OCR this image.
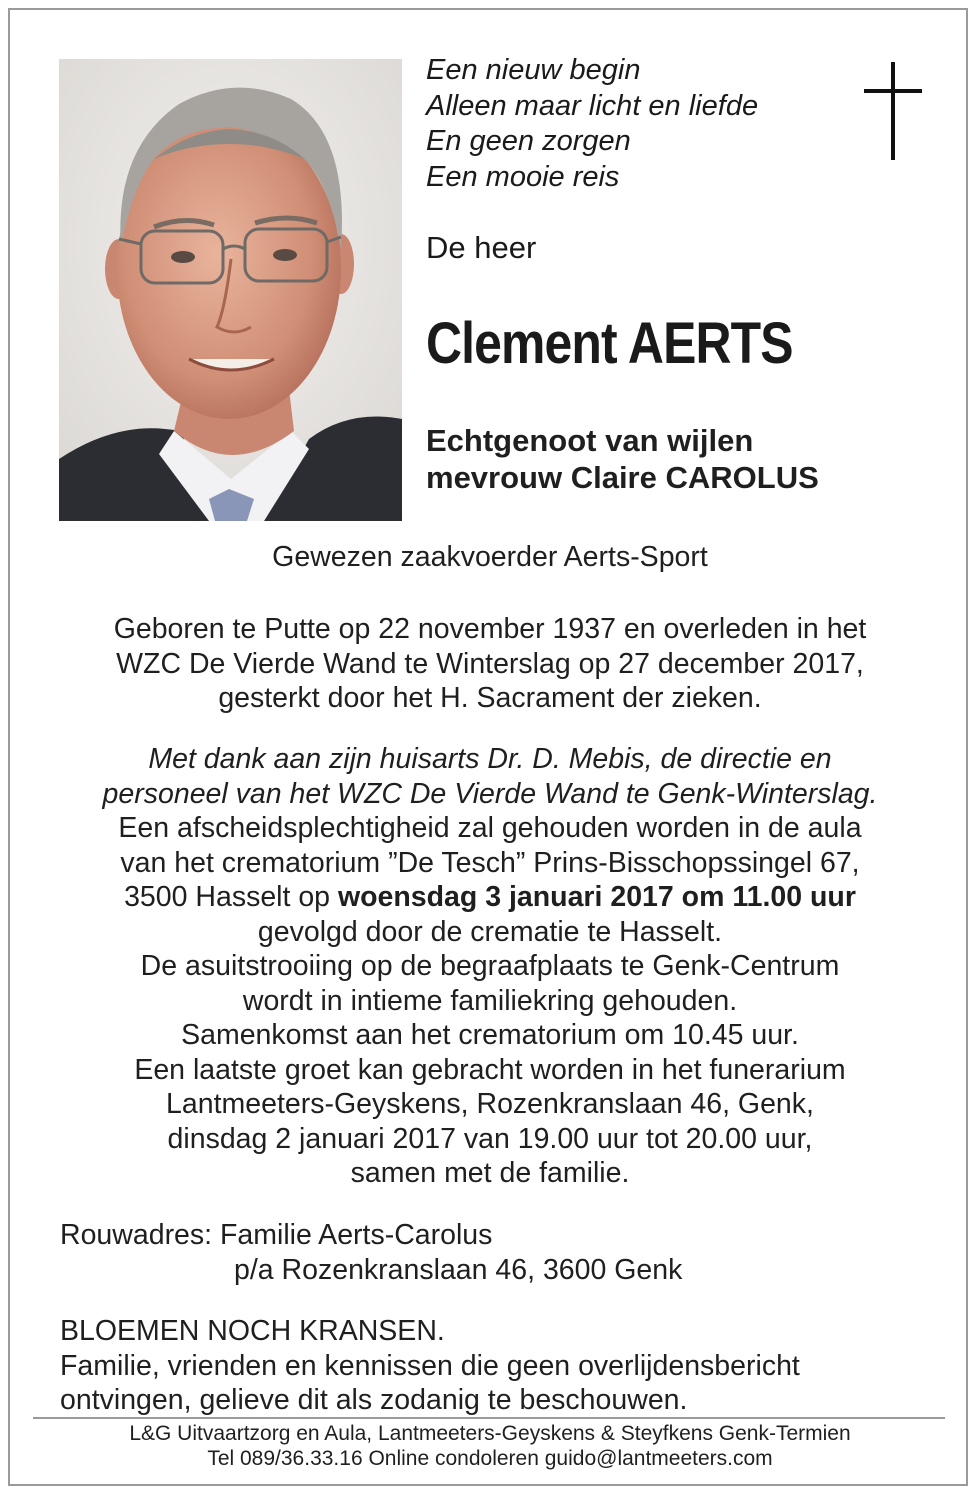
Een nieuw begin
Alleen maar licht en liefde
En geen zorgen
Een mooie reis
De heer
Clement AERTS
Echtgenoot van wijlen
mevrouw Claire CAROLUS
Gewezen zaakvoerder Aerts-Sport
Geboren te Putte op 22 november 1937 en overleden in het
WZC De Vierde Wand te Winterslag op 27 december 2017,
gesterkt door het H. Sacrament der zieken.
Met dank aan zijn huisarts Dr. D. Mebis, de directie en
personeel van het WZC De Vierde Wand te Genk-Winterslag.
Een afscheidsplechtigheid zal gehouden worden in de aula
van het crematorium ”De Tesch” Prins-Bisschopssingel 67,
3500 Hasselt op woensdag 3 januari 2017 om 11.00 uur
gevolgd door de crematie te Hasselt.
De asuitstrooiing op de begraafplaats te Genk-Centrum
wordt in intieme familiekring gehouden.
Samenkomst aan het crematorium om 10.45 uur.
Een laatste groet kan gebracht worden in het funerarium
Lantmeeters-Geyskens, Rozenkranslaan 46, Genk,
dinsdag 2 januari 2017 van 19.00 uur tot 20.00 uur,
samen met de familie.
Rouwadres: Familie Aerts-Carolus
p/a Rozenkranslaan 46, 3600 Genk
BLOEMEN NOCH KRANSEN.
Familie, vrienden en kennissen die geen overlijdensbericht
ontvingen, gelieve dit als zodanig te beschouwen.
L&G Uitvaartzorg en Aula, Lantmeeters-Geyskens & Steyfkens Genk-Termien
Tel 089/36.33.16 Online condoleren guido@lantmeeters.com
